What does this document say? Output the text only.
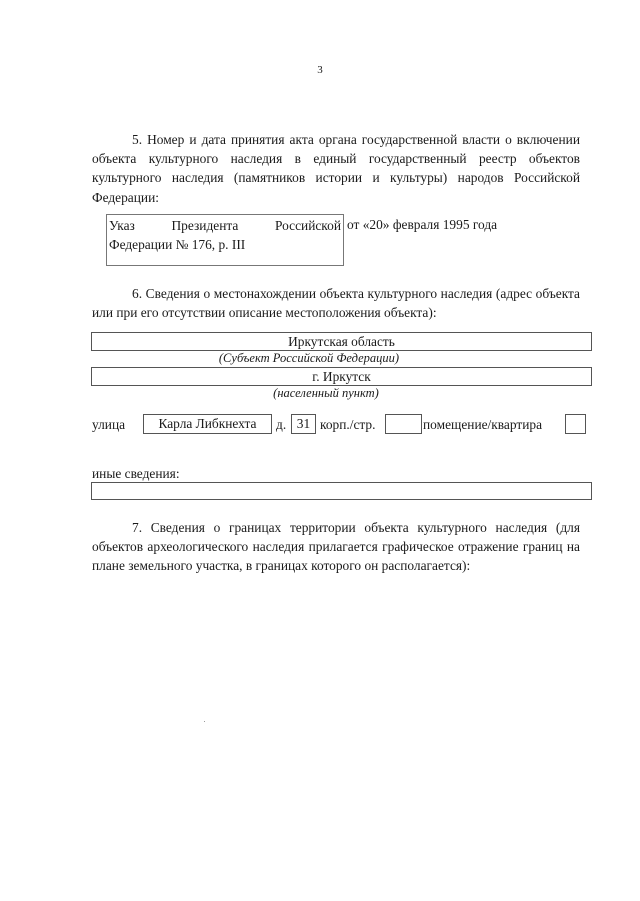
3
5. Номер и дата принятия акта органа государственной власти о включении объекта культурного наследия в единый государственный реестр объектов культурного наследия (памятников истории и культуры) народов Российской Федерации:
Указ	Президента	Российской
Федерации № 176, р. III
от «20» февраля 1995 года
6. Сведения о местонахождении объекта культурного наследия (адрес объекта или при его отсутствии описание местоположения объекта):
Иркутская область
(Субъект Российской Федерации)
г. Иркутск
(населенный пункт)
улица	Карла Либкнехта	д. 31 корп./стр.	помещение/квартира
иные сведения:
7. Сведения о границах территории объекта культурного наследия (для объектов археологического наследия прилагается графическое отражение границ на плане земельного участка, в границах которого он располагается):
